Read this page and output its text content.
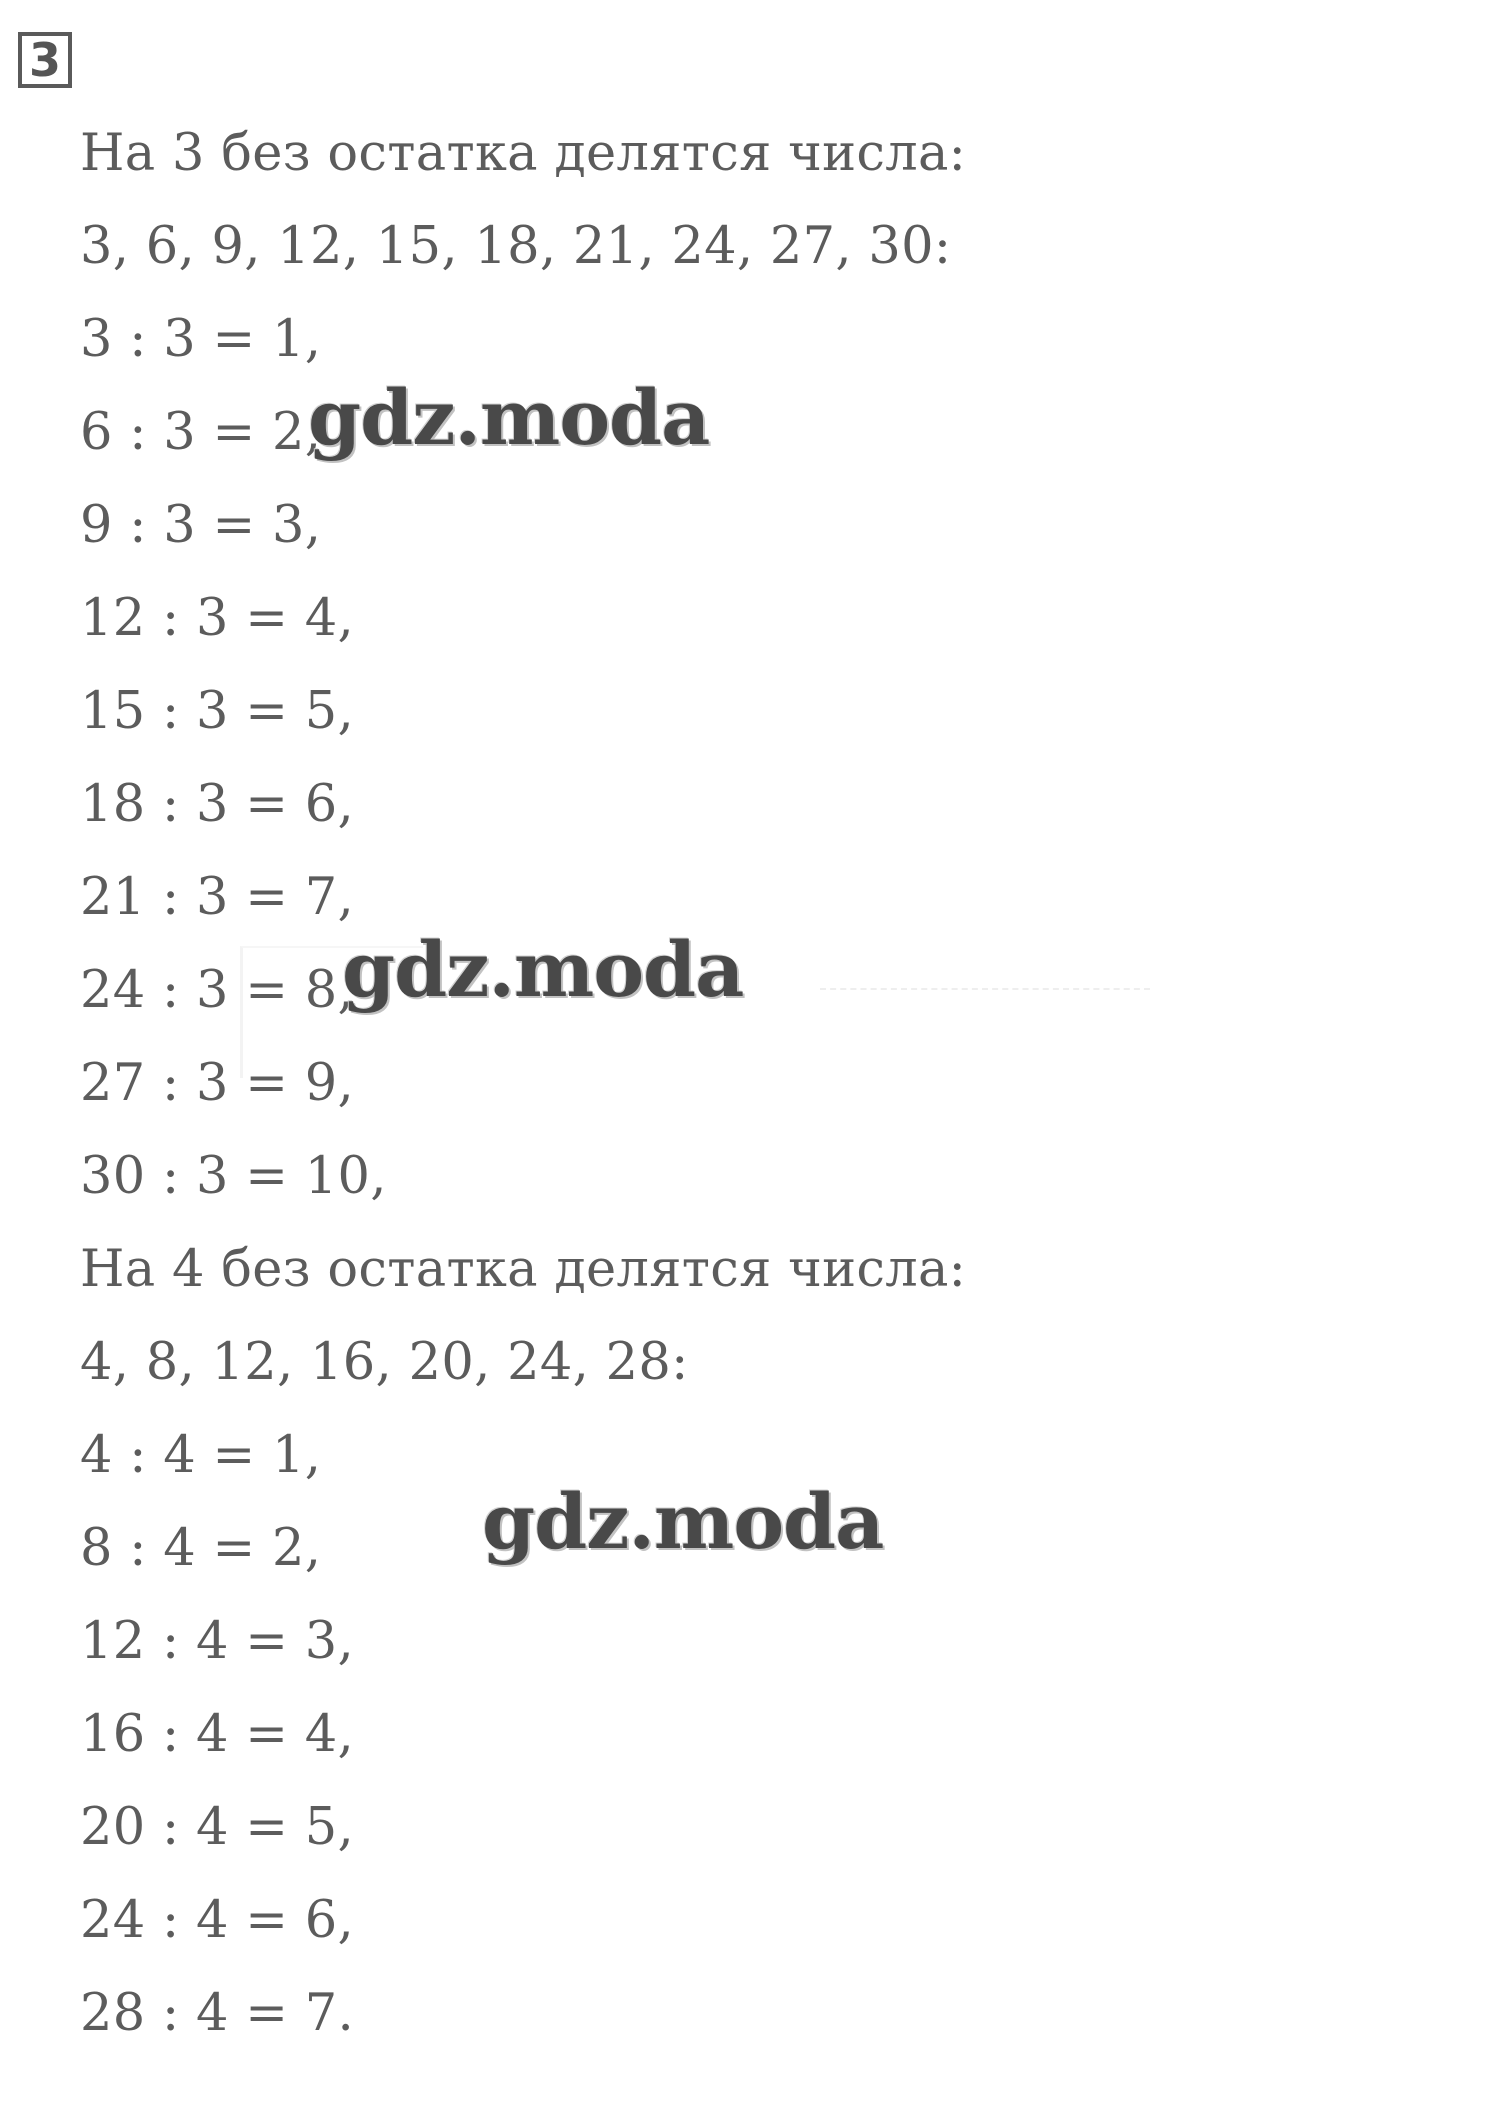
3
На 3 без остатка делятся числа:
3, 6, 9, 12, 15, 18, 21, 24, 27, 30:
3 : 3 = 1,
6 : 3 = 2,
9 : 3 = 3,
12 : 3 = 4,
15 : 3 = 5,
18 : 3 = 6,
21 : 3 = 7,
24 : 3 = 8,
27 : 3 = 9,
30 : 3 = 10,
На 4 без остатка делятся числа:
4, 8, 12, 16, 20, 24, 28:
4 : 4 = 1,
8 : 4 = 2,
12 : 4 = 3,
16 : 4 = 4,
20 : 4 = 5,
24 : 4 = 6,
28 : 4 = 7.
gdz.moda
gdz.moda
gdz.moda
